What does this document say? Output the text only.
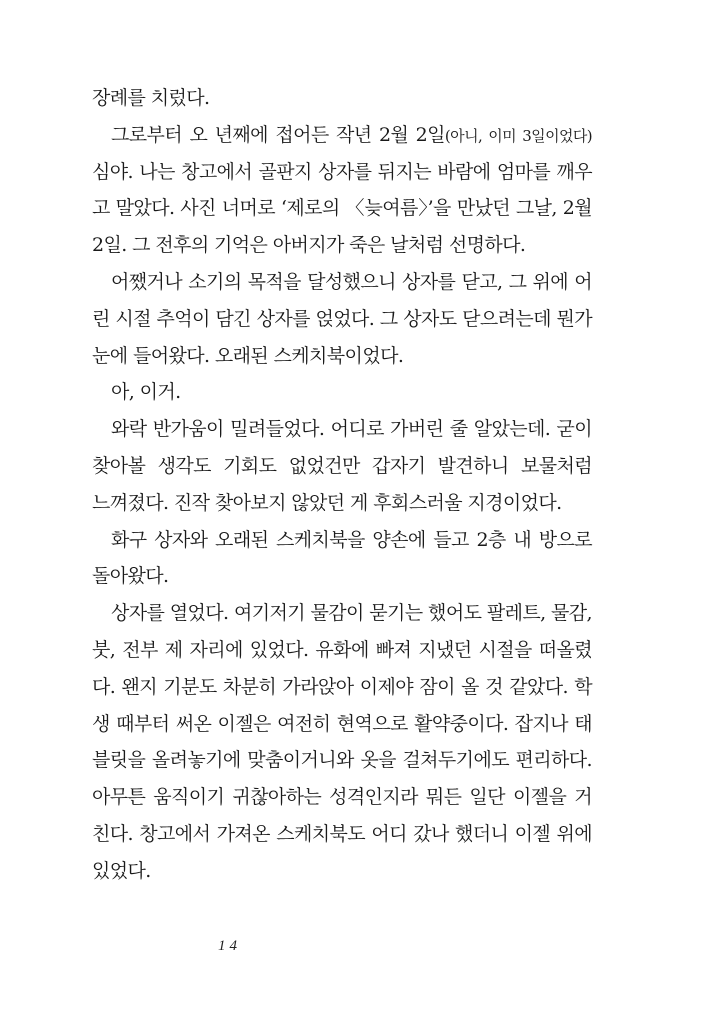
장례를 치렀다.
그로부터 오 년째에 접어든 작년 2월 2일(아니, 이미 3일이었다)
심야. 나는 창고에서 골판지 상자를 뒤지는 바람에 엄마를 깨우
고 말았다. 사진 너머로 ‘제로의 〈늦여름〉’을 만났던 그날, 2월
2일. 그 전후의 기억은 아버지가 죽은 날처럼 선명하다.
어쨌거나 소기의 목적을 달성했으니 상자를 닫고, 그 위에 어
린 시절 추억이 담긴 상자를 얹었다. 그 상자도 닫으려는데 뭔가
눈에 들어왔다. 오래된 스케치북이었다.
아, 이거.
와락 반가움이 밀려들었다. 어디로 가버린 줄 알았는데. 굳이
찾아볼 생각도 기회도 없었건만 갑자기 발견하니 보물처럼
느껴졌다. 진작 찾아보지 않았던 게 후회스러울 지경이었다.
화구 상자와 오래된 스케치북을 양손에 들고 2층 내 방으로
돌아왔다.
상자를 열었다. 여기저기 물감이 묻기는 했어도 팔레트, 물감,
붓, 전부 제 자리에 있었다. 유화에 빠져 지냈던 시절을 떠올렸
다. 왠지 기분도 차분히 가라앉아 이제야 잠이 올 것 같았다. 학
생 때부터 써온 이젤은 여전히 현역으로 활약중이다. 잡지나 태
블릿을 올려놓기에 맞춤이거니와 옷을 걸쳐두기에도 편리하다.
아무튼 움직이기 귀찮아하는 성격인지라 뭐든 일단 이젤을 거
친다. 창고에서 가져온 스케치북도 어디 갔나 했더니 이젤 위에
있었다.
14
